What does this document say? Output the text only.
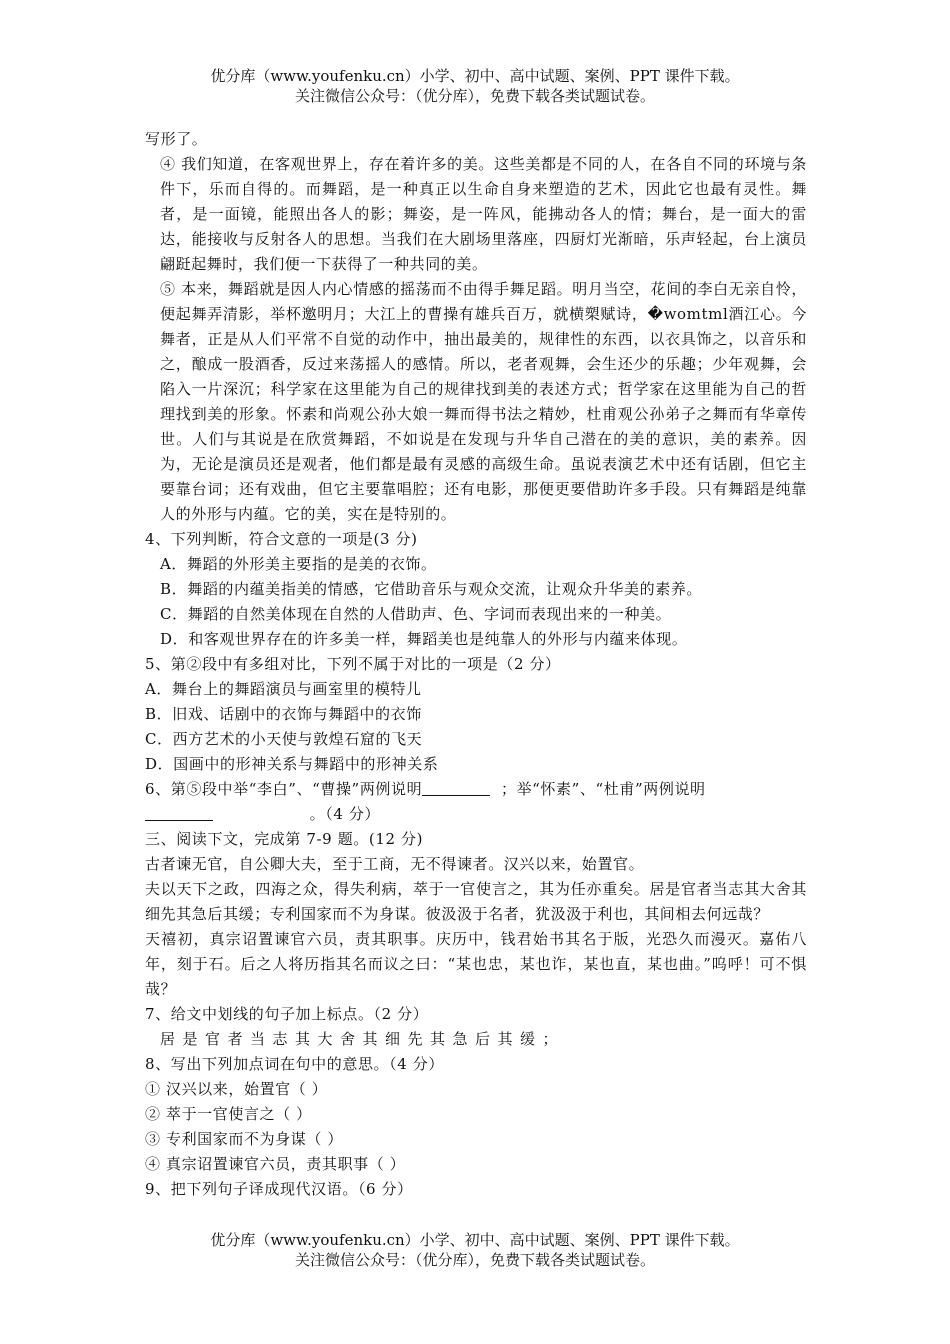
优分库（www.youfenku.cn）小学、初中、高中试题、案例、PPT 课件下载。
关注微信公众号：（优分库），免费下载各类试题试卷。

写形了。

④ 我们知道，在客观世界上，存在着许多的美。这些美都是不同的人，在各自不同的环境与条件下，乐而自得的。而舞蹈，是一种真正以生命自身来塑造的艺术，因此它也最有灵性。舞者，是一面镜，能照出各人的影；舞姿，是一阵风，能拂动各人的情；舞台，是一面大的雷达，能接收与反射各人的思想。当我们在大剧场里落座，四厨灯光渐暗，乐声轻起，台上演员翩跹起舞时，我们便一下获得了一种共同的美。

⑤ 本来，舞蹈就是因人内心情感的摇荡而不由得手舞足蹈。明月当空，花间的李白无亲自怜，便起舞弄清影，举杯邀明月；大江上的曹操有雄兵百万，就横槊赋诗，�womtml酒江心。今舞者，正是从人们平常不自觉的动作中，抽出最美的，规律性的东西，以衣具饰之，以音乐和之，酿成一股酒香，反过来荡摇人的感情。所以，老者观舞，会生还少的乐趣；少年观舞，会陷入一片深沉；科学家在这里能为自己的规律找到美的表述方式；哲学家在这里能为自己的哲理找到美的形象。怀素和尚观公孙大娘一舞而得书法之精妙，杜甫观公孙弟子之舞而有华章传世。人们与其说是在欣赏舞蹈，不如说是在发现与升华自己潜在的美的意识，美的素养。因为，无论是演员还是观者，他们都是最有灵感的高级生命。虽说表演艺术中还有话剧，但它主要靠台词；还有戏曲，但它主要靠唱腔；还有电影，那便更要借助许多手段。只有舞蹈是纯靠人的外形与内蕴。它的美，实在是特别的。

4、下列判断，符合文意的一项是(3 分)

A．舞蹈的外形美主要指的是美的衣饰。

B．舞蹈的内蕴美指美的情感，它借助音乐与观众交流，让观众升华美的素养。

C．舞蹈的自然美体现在自然的人借助声、色、字词而表现出来的一种美。

D．和客观世界存在的许多美一样，舞蹈美也是纯靠人的外形与内蕴来体现。

5、第②段中有多组对比，下列不属于对比的一项是（2 分）

A．舞台上的舞蹈演员与画室里的模特儿

B．旧戏、话剧中的衣饰与舞蹈中的衣饰

C．西方艺术的小天使与敦煌石窟的飞天

D．国画中的形神关系与舞蹈中的形神关系

6、第⑤段中举“李白”、“曹操”两例说明	；举“怀素”、“杜甫”两例说明
。（4 分）

三、阅读下文，完成第 7-9 题。(12 分)

古者谏无官，自公卿大夫，至于工商，无不得谏者。汉兴以来，始置官。

夫以天下之政，四海之众，得失利病，萃于一官使言之，其为任亦重矣。居是官者当志其大舍其细先其急后其缓；专利国家而不为身谋。彼汲汲于名者，犹汲汲于利也，其间相去何远哉？

天禧初，真宗诏置谏官六员，责其职事。庆历中，钱君始书其名于版，光恐久而漫灭。嘉佑八年，刻于石。后之人将历指其名而议之曰：“某也忠，某也诈，某也直，某也曲。”呜呼！可不惧哉？

7、给文中划线的句子加上标点。（2 分）

居是官者当志其大舍其细先其急后其缓；

8、写出下列加点词在句中的意思。（4 分）

① 汉兴以来，始置官（ ）

② 萃于一官使言之（ ）

③ 专利国家而不为身谋（ ）

④ 真宗诏置谏官六员，责其职事（ ）

9、把下列句子译成现代汉语。（6 分）

优分库（www.youfenku.cn）小学、初中、高中试题、案例、PPT 课件下载。
关注微信公众号：（优分库），免费下载各类试题试卷。
